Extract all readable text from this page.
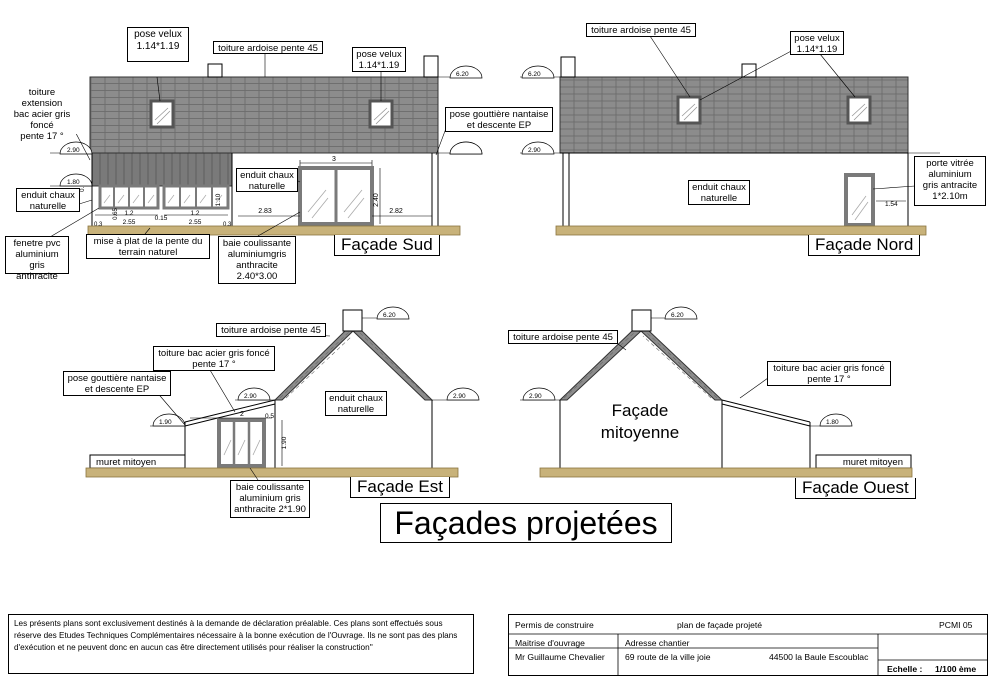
3
2.40
2.83	2.82
2.55
1.2
0.15
2.55
1.2
1.10
0.3	0.3
0.65
2.90
1.80
6.20
1.54
6.20
2.90
2	0.5
1.90
6.20
2.90	2.90
1.90
6.20
2.90
1.80
pose velux
1.14*1.19	toiture ardoise pente 45
pose velux
1.14*1.19
toiture extension
bac acier gris
foncé
pente 17 °
pose gouttière nantaise
et descente EP
enduit chaux
naturelle
enduit chaux
naturelle
fenetre pvc
aluminium gris
anthracite
mise à plat de la pente du
terrain naturel
baie coulissante
aluminiumgris
anthracite
2.40*3.00
Façade Sud
toiture ardoise pente 45
pose velux
1.14*1.19
enduit chaux
naturelle
porte vitrée
aluminium
gris antracite
1*2.10m
Façade Nord
toiture ardoise pente 45
toiture bac acier gris foncé
pente 17 °
pose gouttière nantaise
et descente EP
enduit chaux
naturelle
muret mitoyen
baie coulissante
aluminium gris
anthracite 2*1.90
Façade Est
toiture ardoise pente 45
toiture bac acier gris foncé
pente 17 °
Façade
mitoyenne
muret mitoyen
Façade Ouest
Façades projetées
Les présents plans sont exclusivement destinés à la demande de déclaration préalable. Ces plans sont effectués sous réserve des Etudes Techniques Complémentaires nécessaire à la bonne exécution de l'Ouvrage. Ils ne sont pas des plans d'exécution et ne peuvent donc en aucun cas être directement utilisés pour réaliser la construction''
Permis de construire	plan de façade projeté	PCMI 05
Maitrise d'ouvrage	Adresse chantier
Mr Guillaume Chevalier 69 route de la ville joie	44500 la Baule Escoublac
Echelle : 1/100 ème
